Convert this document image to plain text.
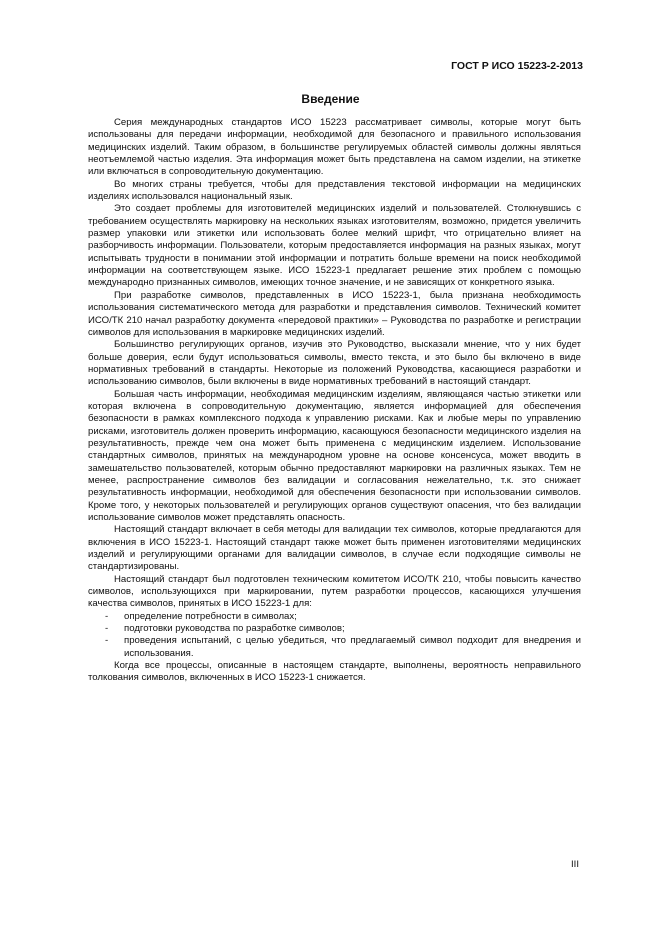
ГОСТ Р ИСО 15223-2-2013
Введение

Серия международных стандартов ИСО 15223 рассматривает символы, которые могут быть использованы для передачи информации, необходимой для безопасного и правильного использования медицинских изделий. Таким образом, в большинстве регулируемых областей символы должны являться неотъемлемой частью изделия. Эта информация может быть представлена на самом изделии, на этикетке или включаться в сопроводительную документацию.

Во многих страны требуется, чтобы для представления текстовой информации на медицинских изделиях использовался национальный язык.

Это создает проблемы для изготовителей медицинских изделий и пользователей. Столкнувшись с требованием осуществлять маркировку на нескольких языках изготовителям, возможно, придется увеличить размер упаковки или этикетки или использовать более мелкий шрифт, что отрицательно влияет на разборчивость информации. Пользователи, которым предоставляется информация на разных языках, могут испытывать трудности в понимании этой информации и потратить больше времени на поиск необходимой информации на соответствующем языке. ИСО 15223-1 предлагает решение этих проблем с помощью международно признанных символов, имеющих точное значение, и не зависящих от конкретного языка.

При разработке символов, представленных в ИСО 15223-1, была признана необходимость использования систематического метода для разработки и представления символов. Технический комитет ИСО/ТК 210 начал разработку документа «передовой практики» – Руководства по разработке и регистрации символов для использования в маркировке медицинских изделий.

Большинство регулирующих органов, изучив это Руководство, высказали мнение, что у них будет больше доверия, если будут использоваться символы, вместо текста, и это было бы включено в виде нормативных требований в стандарты. Некоторые из положений Руководства, касающиеся разработки и использованию символов, были включены в виде нормативных требований в настоящий стандарт.

Большая часть информации, необходимая медицинским изделиям, являющаяся частью этикетки или которая включена в сопроводительную документацию, является информацией для обеспечения безопасности в рамках комплексного подхода к управлению рисками. Как и любые меры по управлению рисками, изготовитель должен проверить информацию, касающуюся безопасности медицинского изделия на результативность, прежде чем она может быть применена с медицинским изделием. Использование стандартных символов, принятых на международном уровне на основе консенсуса, может вводить в замешательство пользователей, которым обычно предоставляют маркировки на различных языках. Тем не менее, распространение символов без валидации и согласования нежелательно, т.к. это снижает результативность информации, необходимой для обеспечения безопасности при использовании символов. Кроме того, у некоторых пользователей и регулирующих органов существуют опасения, что без валидации использование символов может представлять опасность.

Настоящий стандарт включает в себя методы для валидации тех символов, которые предлагаются для включения в ИСО 15223-1. Настоящий стандарт также может быть применен изготовителями медицинских изделий и регулирующими органами для валидации символов, в случае если подходящие символы не стандартизированы.

Настоящий стандарт был подготовлен техническим комитетом ИСО/ТК 210, чтобы повысить качество символов, использующихся при маркировании, путем разработки процессов, касающихся улучшения качества символов, принятых в ИСО 15223-1 для:

- определение потребности в символах;
- подготовки руководства по разработке символов;
- проведения испытаний, с целью убедиться, что предлагаемый символ подходит для внедрения и использования.

Когда все процессы, описанные в настоящем стандарте, выполнены, вероятность неправильного толкования символов, включенных в ИСО 15223-1 снижается.

III
